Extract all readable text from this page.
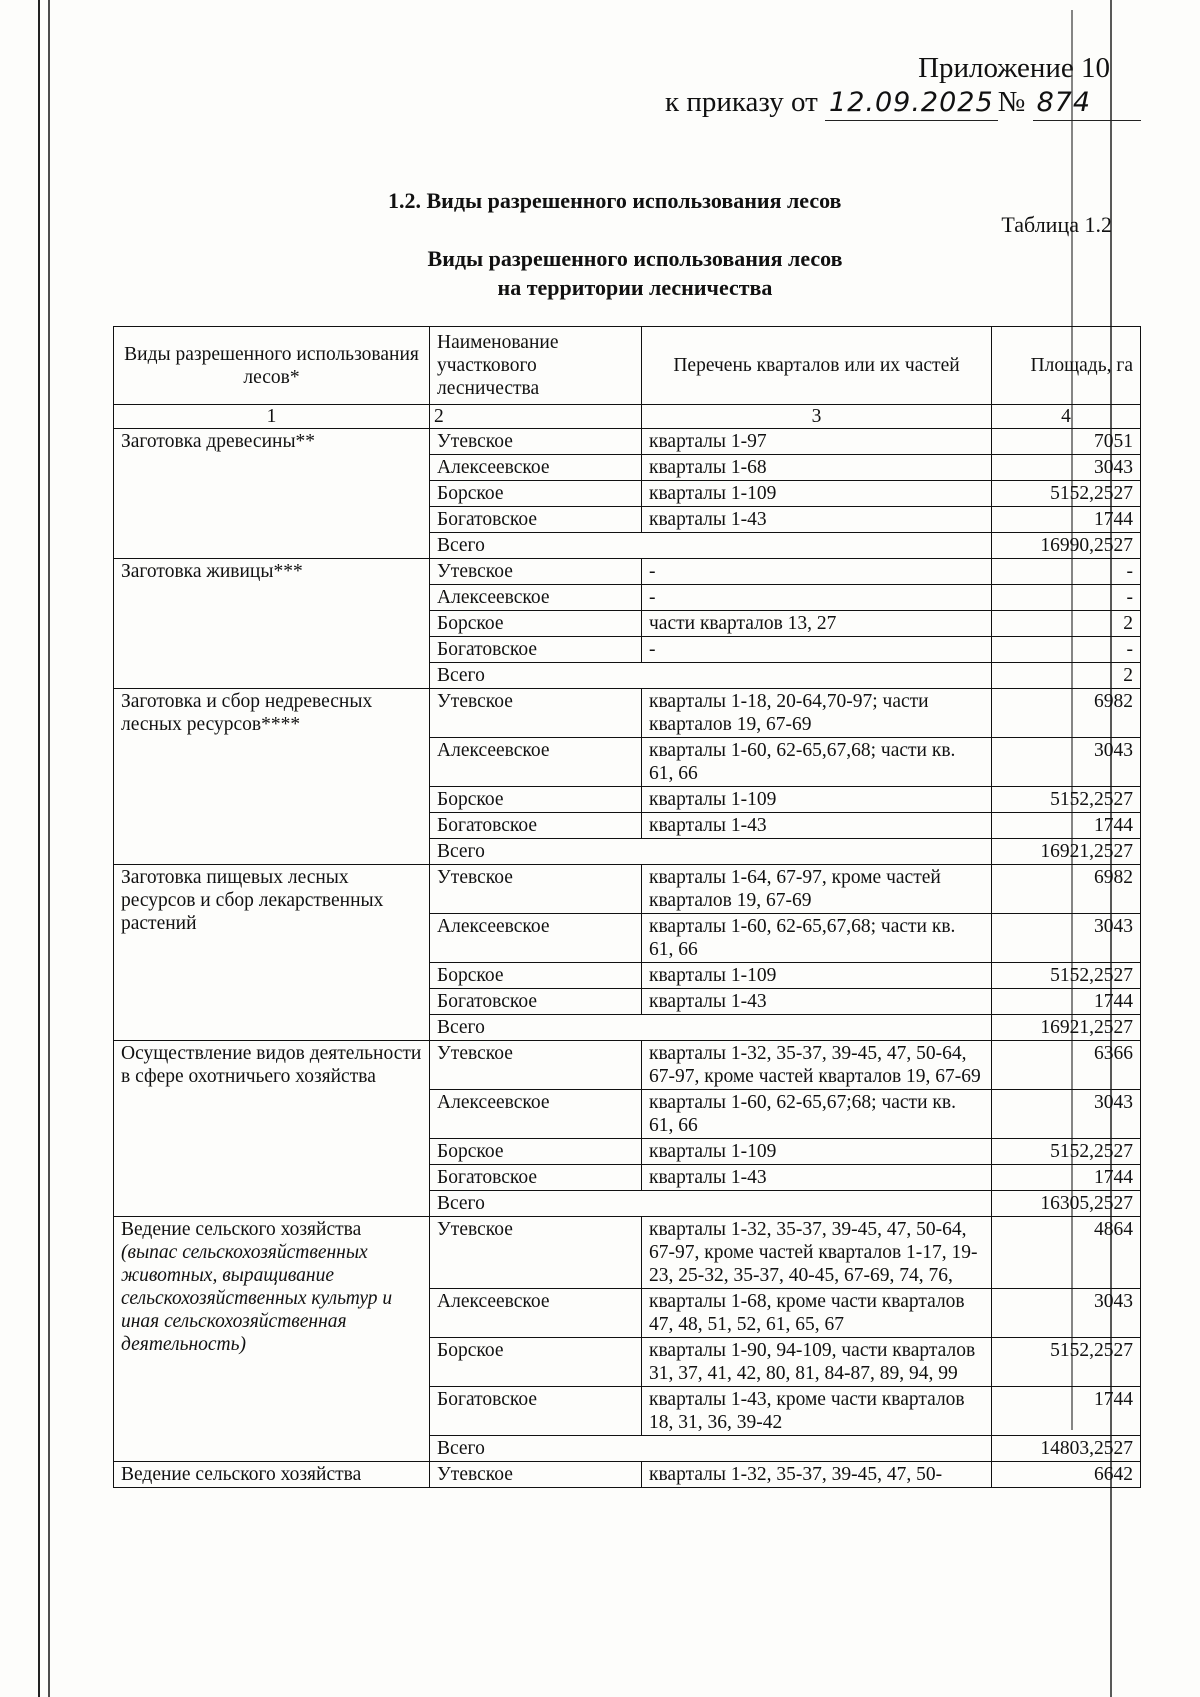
Приложение 10
к приказу от 12.09.2025 № 874
1.2. Виды разрешенного использования лесов
Таблица 1.2
Виды разрешенного использования лесов
на территории лесничества
Виды разрешенного использования лесов*	Наименование участкового лесничества	Перечень кварталов или их частей	Площадь, га
1	2	3	4
Заготовка древесины**	Утевское	кварталы 1-97	7051
	Алексеевское	кварталы 1-68	3043
	Борское	кварталы 1-109	5152,2527
	Богатовское	кварталы 1-43	1744
	Всего		16990,2527
Заготовка живицы***	Утевское	-	-
	Алексеевское	-	-
	Борское	части кварталов 13, 27	2
	Богатовское	-	-
	Всего		2
Заготовка и сбор недревесных лесных ресурсов****	Утевское	кварталы 1-18, 20-64,70-97; части кварталов 19, 67-69	6982
	Алексеевское	кварталы 1-60, 62-65,67,68; части кв. 61, 66	3043
	Борское	кварталы 1-109	5152,2527
	Богатовское	кварталы 1-43	1744
	Всего		16921,2527
Заготовка пищевых лесных ресурсов и сбор лекарственных растений	Утевское	кварталы 1-64, 67-97, кроме частей кварталов 19, 67-69	6982
	Алексеевское	кварталы 1-60, 62-65,67,68; части кв. 61, 66	3043
	Борское	кварталы 1-109	5152,2527
	Богатовское	кварталы 1-43	1744
	Всего		16921,2527
Осуществление видов деятельности в сфере охотничьего хозяйства	Утевское	кварталы 1-32, 35-37, 39-45, 47, 50-64, 67-97, кроме частей кварталов 19, 67-69	6366
	Алексеевское	кварталы 1-60, 62-65,67;68; части кв. 61, 66	3043
	Борское	кварталы 1-109	5152,2527
	Богатовское	кварталы 1-43	1744
	Всего		16305,2527
Ведение сельского хозяйства (выпас сельскохозяйственных животных, выращивание сельскохозяйственных культур и иная сельскохозяйственная деятельность)	Утевское	кварталы 1-32, 35-37, 39-45, 47, 50-64, 67-97, кроме частей кварталов 1-17, 19-23, 25-32, 35-37, 40-45, 67-69, 74, 76,	4864
	Алексеевское	кварталы 1-68, кроме части кварталов 47, 48, 51, 52, 61, 65, 67	3043
	Борское	кварталы 1-90, 94-109, части кварталов 31, 37, 41, 42, 80, 81, 84-87, 89, 94, 99	5152,2527
	Богатовское	кварталы 1-43, кроме части кварталов 18, 31, 36, 39-42	1744
	Всего		14803,2527
Ведение сельского хозяйства	Утевское	кварталы 1-32, 35-37, 39-45, 47, 50-	6642
